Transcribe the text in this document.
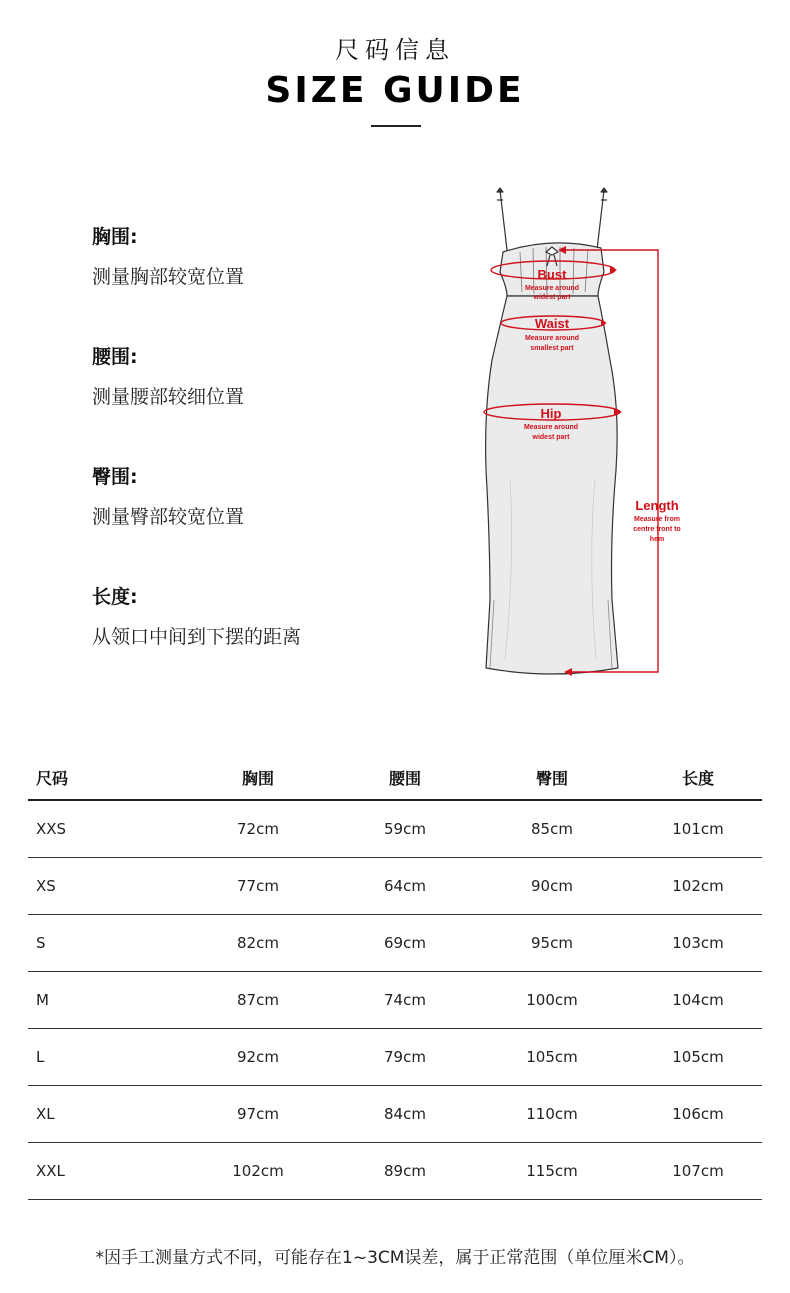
尺码信息
SIZE GUIDE
胸围:
测量胸部较宽位置
腰围:
测量腰部较细位置
臀围:
测量臀部较宽位置
长度:
从领口中间到下摆的距离
Bust
Measure around
widest part
Waist
Measure around
smallest part
Hip
Measure around
widest part
Length
Measure from
centre front to
hem
尺码	胸围	腰围	臀围	长度
XXS	72cm	59cm	85cm	101cm
XS	77cm	64cm	90cm	102cm
S	82cm	69cm	95cm	103cm
M	87cm	74cm	100cm	104cm
L	92cm	79cm	105cm	105cm
XL	97cm	84cm	110cm	106cm
XXL	102cm	89cm	115cm	107cm
*因手工测量方式不同，可能存在1~3CM误差，属于正常范围（单位厘米CM）。
